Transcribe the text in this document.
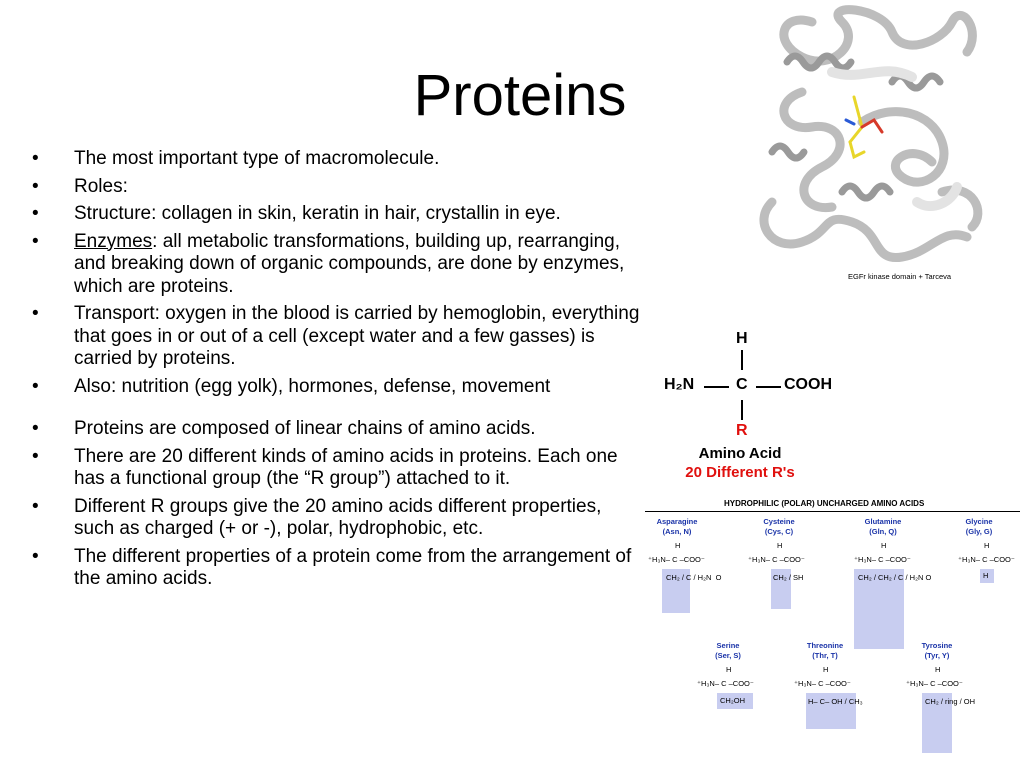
Proteins
• The most important type of macromolecule.
• Roles:
• Structure: collagen in skin, keratin in hair, crystallin in eye.
• Enzymes: all metabolic transformations, building up, rearranging, and breaking down of organic compounds, are done by enzymes, which are proteins.
• Transport: oxygen in the blood is carried by hemoglobin, everything that goes in or out of a cell (except water and a few gasses) is carried by proteins.
• Also: nutrition (egg yolk), hormones, defense, movement
• Proteins are composed of linear chains of amino acids.
• There are 20 different kinds of amino acids in proteins. Each one has a functional group (the “R group”) attached to it.
• Different R groups give the 20 amino acids different properties, such as charged (+ or -), polar, hydrophobic, etc.
• The different properties of a protein come from the arrangement of the amino acids.
EGFr kinase domain + Tarceva
H
H₂N	C COOH
R
Amino Acid
20 Different R's
HYDROPHILIC (POLAR) UNCHARGED AMINO ACIDS
Asparagine
(Asn, N)
H
⁺H₃N– C –COO⁻
CH₂ / C / H₂N  O
Cysteine
(Cys, C)
H
⁺H₃N– C –COO⁻
CH₂ / SH
Glutamine
(Gln, Q)
H
⁺H₃N– C –COO⁻
CH₂ / CH₂ / C / H₂N O
Glycine
(Gly, G)
H
⁺H₃N– C –COO⁻
H
Serine
(Ser, S)
H
⁺H₃N– C –COO⁻
CH₂OH
Threonine
(Thr, T)
H
⁺H₃N– C –COO⁻
H– C– OH / CH₃
Tyrosine
(Tyr, Y)
H
⁺H₃N– C –COO⁻
CH₂ / ring / OH
